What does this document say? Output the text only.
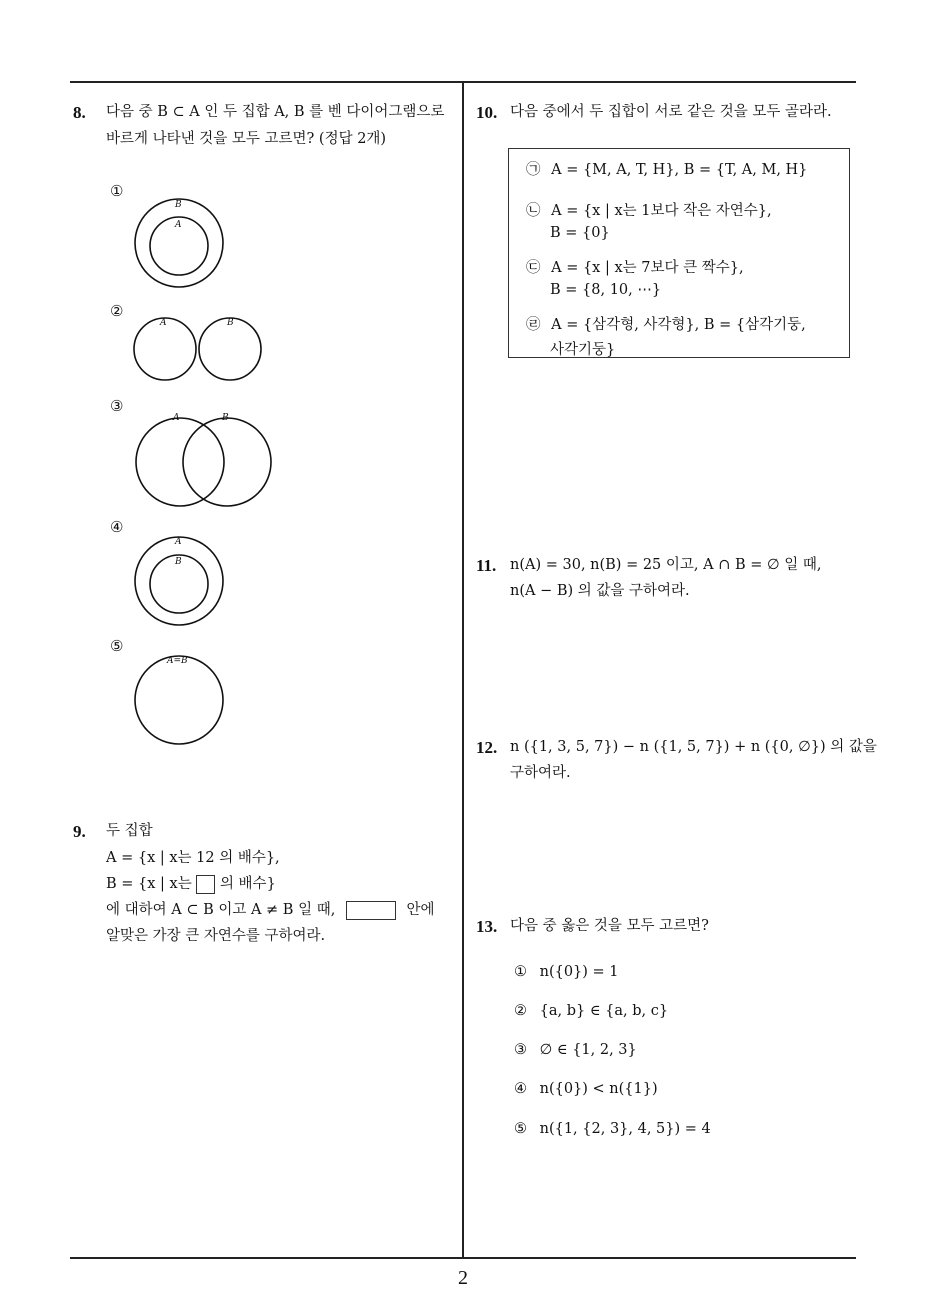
2
8. 다음 중 B ⊂ A 인 두 집합 A, B 를 벤 다이어그램으로
바르게 나타낸 것을 모두 고르면? (정답 2개)
①
B
A
②
A	B
③
A	B
④
A
B
⑤
A=B
9. 두 집합
A = {x | x는 12 의 배수},
B = {x | x는 의 배수}
에 대하여 A ⊂ B 이고 A ≠ B 일 때,	안에
알맞은 가장 큰 자연수를 구하여라.
10. 다음 중에서 두 집합이 서로 같은 것을 모두 골라라.
㉠ A = {M, A, T, H}, B = {T, A, M, H}
㉡ A = {x | x는 1보다 작은 자연수},
B = {0}
㉢ A = {x | x는 7보다 큰 짝수},
B = {8, 10, ⋯}
㉣ A = {삼각형, 사각형}, B = {삼각기둥,
사각기둥}
11. n(A) = 30, n(B) = 25 이고, A ∩ B = ∅ 일 때,
n(A − B) 의 값을 구하여라.
12. n ({1, 3, 5, 7}) − n ({1, 5, 7}) + n ({0, ∅}) 의 값을
구하여라.
13. 다음 중 옳은 것을 모두 고르면?
① n({0}) = 1
② {a, b} ∈ {a, b, c}
③ ∅ ∈ {1, 2, 3}
④ n({0}) < n({1})
⑤ n({1, {2, 3}, 4, 5}) = 4
